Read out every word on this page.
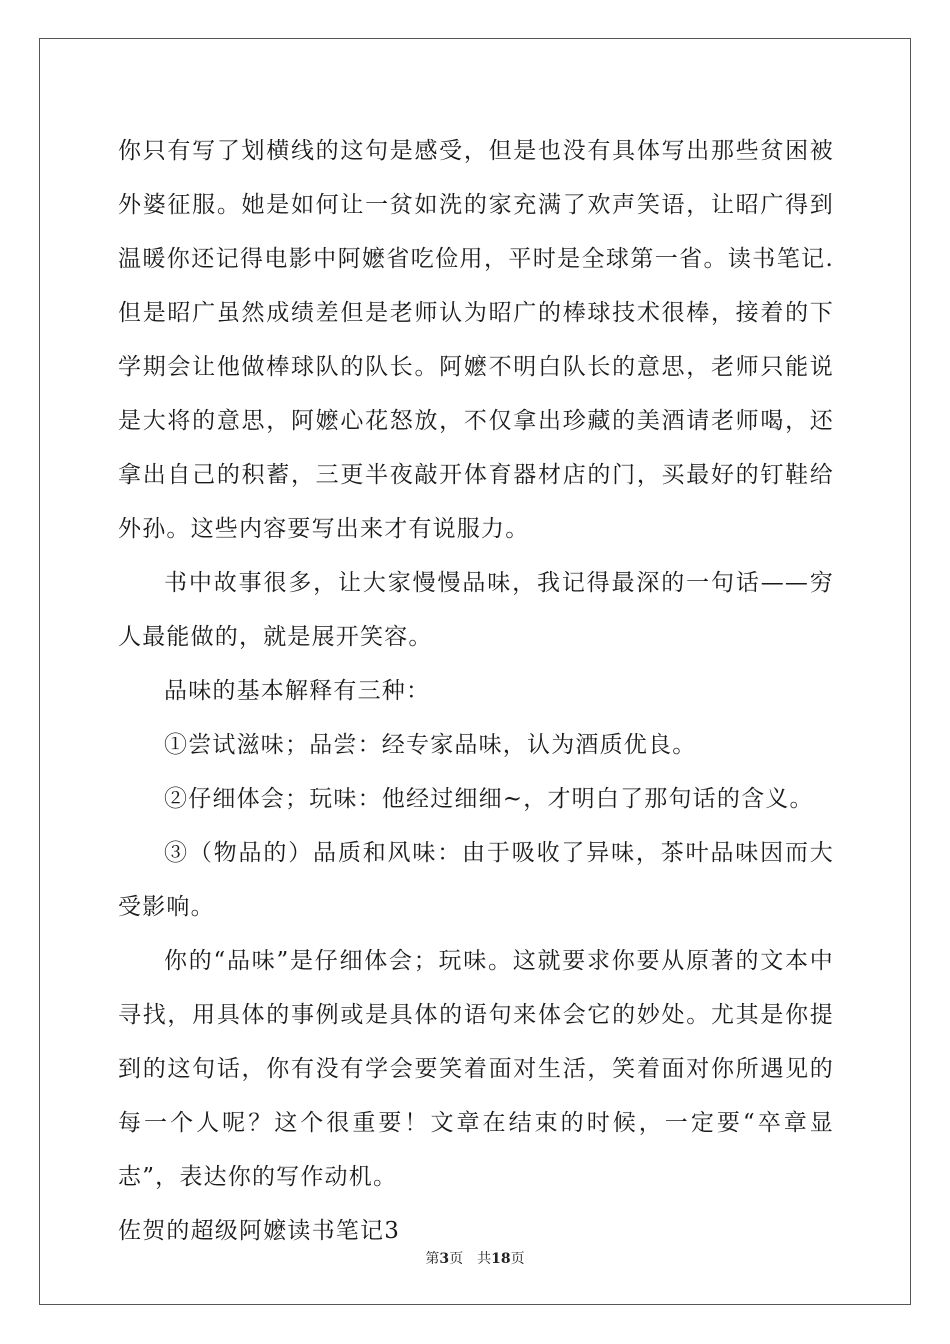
你只有写了划横线的这句是感受，但是也没有具体写出那些贫困被外婆征服。她是如何让一贫如洗的家充满了欢声笑语，让昭广得到温暖你还记得电影中阿嬷省吃俭用，平时是全球第一省。读书笔记.但是昭广虽然成绩差但是老师认为昭广的棒球技术很棒，接着的下学期会让他做棒球队的队长。阿嬷不明白队长的意思，老师只能说是大将的意思，阿嬷心花怒放，不仅拿出珍藏的美酒请老师喝，还拿出自己的积蓄，三更半夜敲开体育器材店的门，买最好的钉鞋给外孙。这些内容要写出来才有说服力。

书中故事很多，让大家慢慢品味，我记得最深的一句话——穷人最能做的，就是展开笑容。

品味的基本解释有三种：

①尝试滋味；品尝：经专家品味，认为酒质优良。

②仔细体会；玩味：他经过细细~，才明白了那句话的含义。

③（物品的）品质和风味：由于吸收了异味，茶叶品味因而大受影响。

你的“品味”是仔细体会；玩味。这就要求你要从原著的文本中寻找，用具体的事例或是具体的语句来体会它的妙处。尤其是你提到的这句话，你有没有学会要笑着面对生活，笑着面对你所遇见的每一个人呢？这个很重要！文章在结束的时候，一定要“卒章显志”，表达你的写作动机。

佐贺的超级阿嬷读书笔记3

第3页 共18页
